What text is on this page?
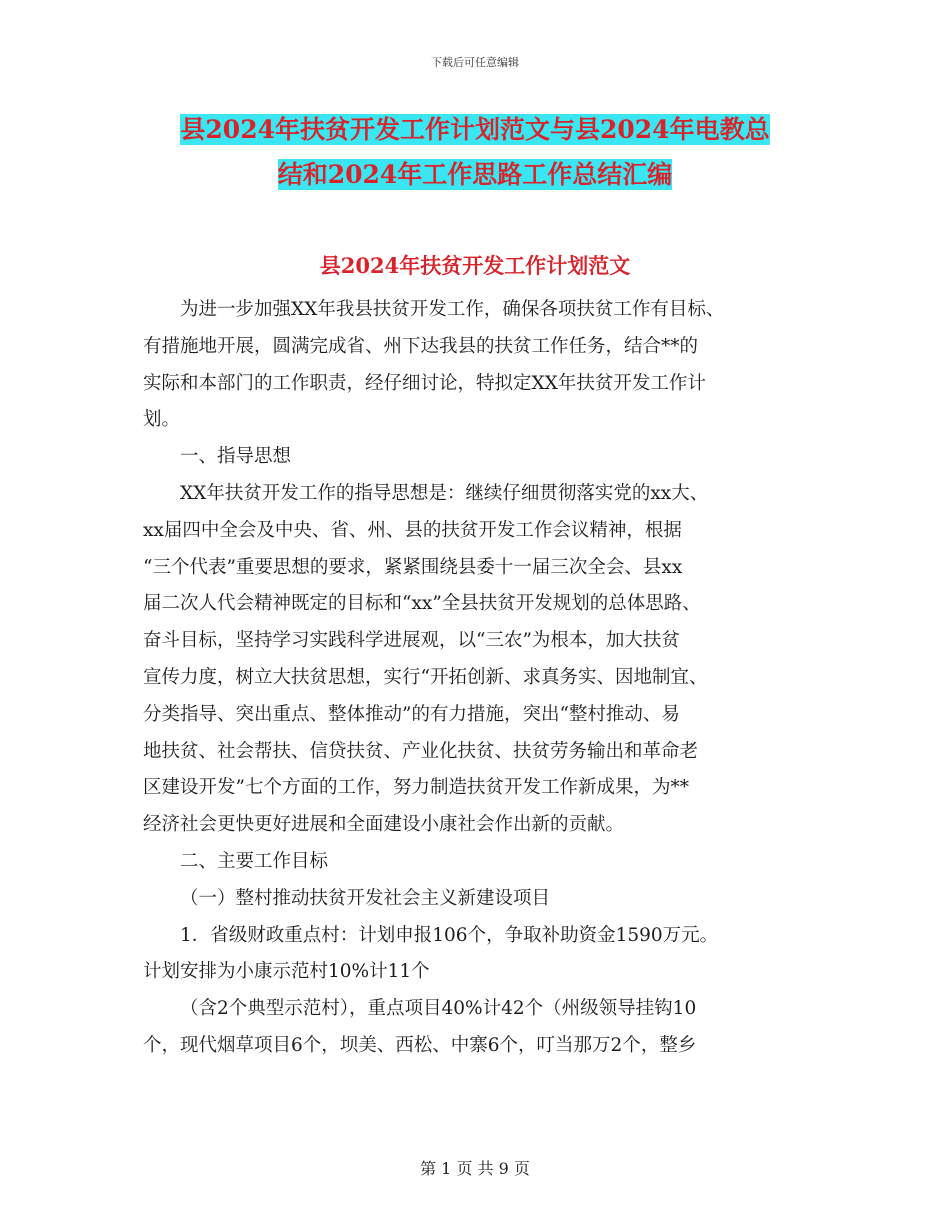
下载后可任意编辑
县2024年扶贫开发工作计划范文与县2024年电教总
结和2024年工作思路工作总结汇编
县2024年扶贫开发工作计划范文

为进一步加强XX年我县扶贫开发工作，确保各项扶贫工作有目标、

有措施地开展，圆满完成省、州下达我县的扶贫工作任务，结合**的

实际和本部门的工作职责，经仔细讨论，特拟定XX年扶贫开发工作计

划。

一、指导思想

XX年扶贫开发工作的指导思想是：继续仔细贯彻落实党的xx大、

xx届四中全会及中央、省、州、县的扶贫开发工作会议精神，根据

“三个代表”重要思想的要求，紧紧围绕县委十一届三次全会、县xx

届二次人代会精神既定的目标和“xx”全县扶贫开发规划的总体思路、

奋斗目标，坚持学习实践科学进展观，以“三农”为根本，加大扶贫

宣传力度，树立大扶贫思想，实行“开拓创新、求真务实、因地制宜、

分类指导、突出重点、整体推动”的有力措施，突出“整村推动、易

地扶贫、社会帮扶、信贷扶贫、产业化扶贫、扶贫劳务输出和革命老

区建设开发”七个方面的工作，努力制造扶贫开发工作新成果，为**

经济社会更快更好进展和全面建设小康社会作出新的贡献。

二、主要工作目标

（一）整村推动扶贫开发社会主义新建设项目

1．省级财政重点村：计划申报106个，争取补助资金1590万元。

计划安排为小康示范村10%计11个

（含2个典型示范村），重点项目40%计42个（州级领导挂钩10

个，现代烟草项目6个，坝美、西松、中寨6个，叮当那万2个，整乡

第 1 页 共 9 页
